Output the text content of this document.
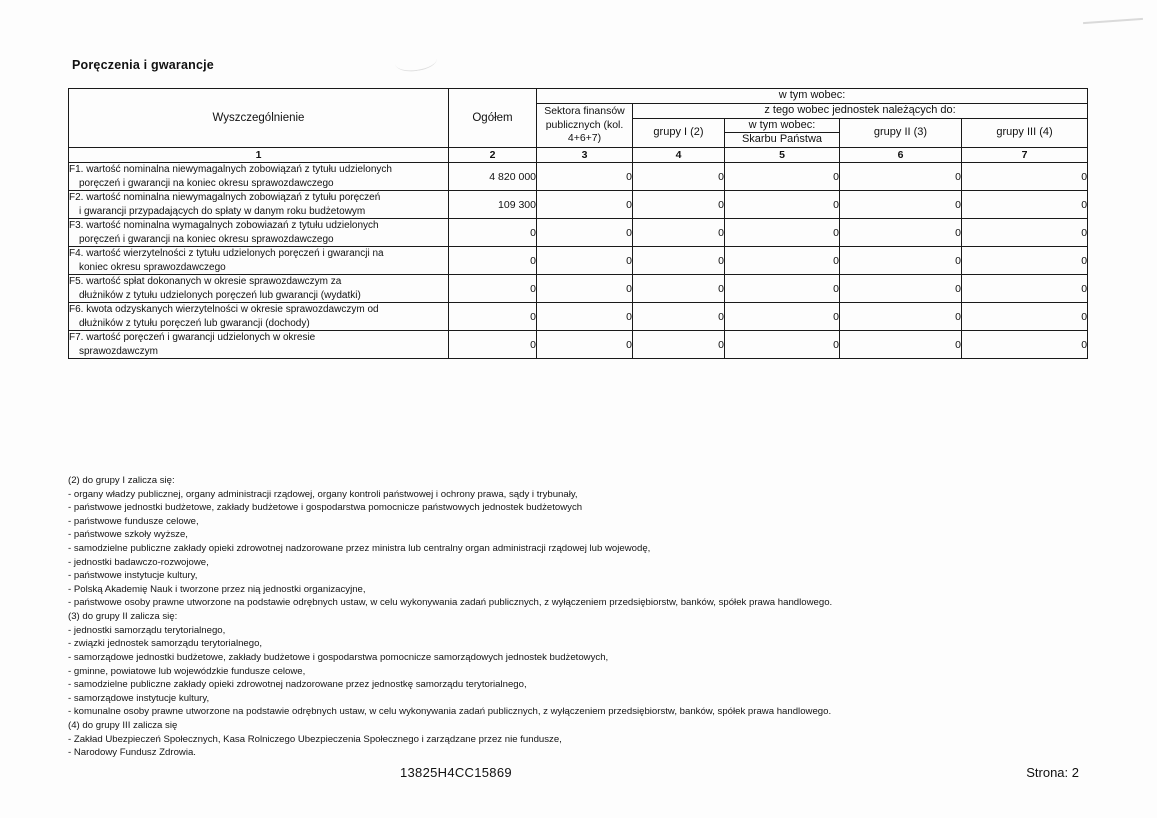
Poręczenia i gwarancje
Wyszczególnienie	Ogółem	w tym wobec:				
		Sektora finansów publicznych (kol. 4+6+7)	z tego wobec jednostek należących do:			
			grupy I (2)	w tym wobec:	grupy II (3)	grupy III (4)
				Skarbu Państwa		
1	2	3	4	5	6	7
F1. wartość nominalna niewymagalnych zobowiązań z tytułu udzielonych
poręczeń i gwarancji na koniec okresu sprawozdawczego	4 820 000	0	0	0	0	0
F2. wartość nominalna niewymagalnych zobowiązań z tytułu poręczeń
i gwarancji przypadających do spłaty w danym roku budżetowym	109 300	0	0	0	0	0
F3. wartość nominalna wymagalnych zobowiazań z tytułu udzielonych
poręczeń i gwarancji na koniec okresu sprawozdawczego	0	0	0	0	0	0
F4. wartość wierzytelności z tytułu udzielonych poręczeń i gwarancji na
koniec okresu sprawozdawczego	0	0	0	0	0	0
F5. wartość spłat dokonanych w okresie sprawozdawczym za
dłużników z tytułu udzielonych poręczeń lub gwarancji (wydatki)	0	0	0	0	0	0
F6. kwota odzyskanych wierzytelności w okresie sprawozdawczym od
dłużników z tytułu poręczeń lub gwarancji (dochody)	0	0	0	0	0	0
F7. wartość poręczeń i gwarancji udzielonych w okresie
sprawozdawczym	0	0	0	0	0	0
(2) do grupy I zalicza się:
- organy władzy publicznej, organy administracji rządowej, organy kontroli państwowej i ochrony prawa, sądy i trybunały,
- państwowe jednostki budżetowe, zakłady budżetowe i gospodarstwa pomocnicze państwowych jednostek budżetowych
- państwowe fundusze celowe,
- państwowe szkoły wyższe,
- samodzielne publiczne zakłady opieki zdrowotnej nadzorowane przez ministra lub centralny organ administracji rządowej lub wojewodę,
- jednostki badawczo-rozwojowe,
- państwowe instytucje kultury,
- Polską Akademię Nauk i tworzone przez nią jednostki organizacyjne,
- państwowe osoby prawne utworzone na podstawie odrębnych ustaw, w celu wykonywania zadań publicznych, z wyłączeniem przedsiębiorstw, banków, spółek prawa handlowego.
(3) do grupy II zalicza się:
- jednostki samorządu terytorialnego,
- związki jednostek samorządu terytorialnego,
- samorządowe jednostki budżetowe, zakłady budżetowe i gospodarstwa pomocnicze samorządowych jednostek budżetowych,
- gminne, powiatowe lub wojewódzkie fundusze celowe,
- samodzielne publiczne zakłady opieki zdrowotnej nadzorowane przez jednostkę samorządu terytorialnego,
- samorządowe instytucje kultury,
- komunalne osoby prawne utworzone na podstawie odrębnych ustaw, w celu wykonywania zadań publicznych, z wyłączeniem przedsiębiorstw, banków, spółek prawa handlowego.
(4) do grupy III zalicza się
- Zakład Ubezpieczeń Społecznych, Kasa Rolniczego Ubezpieczenia Społecznego i zarządzane przez nie fundusze,
- Narodowy Fundusz Zdrowia.
13825H4CC15869	Strona: 2
